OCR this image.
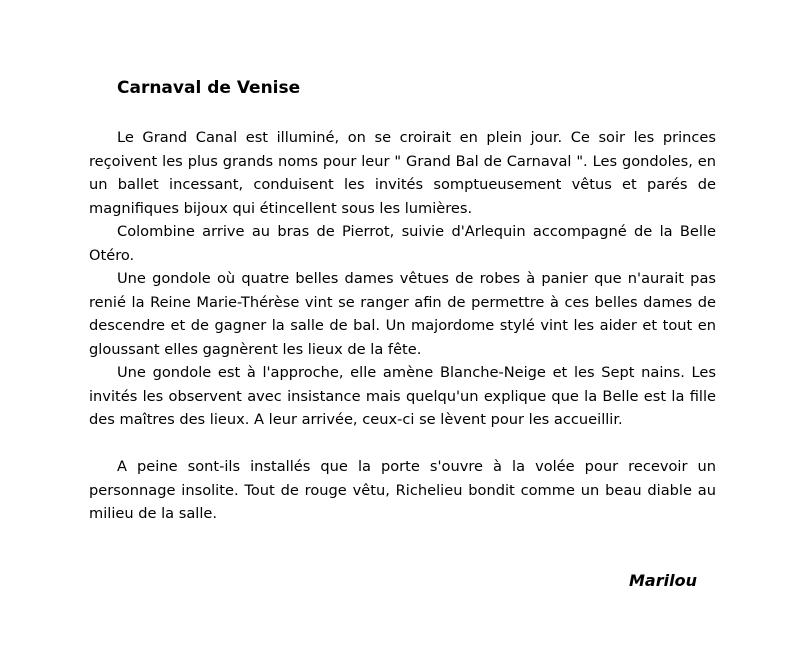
Carnaval de Venise

Le Grand Canal est illuminé, on se croirait en plein jour. Ce soir les princes reçoivent les plus grands noms pour leur " Grand Bal de Carnaval ". Les gondoles, en un ballet incessant, conduisent les invités somptueusement vêtus et parés de magnifiques bijoux qui étincellent sous les lumières.

Colombine arrive au bras de Pierrot, suivie d'Arlequin accompagné de la Belle Otéro.

Une gondole où quatre belles dames vêtues de robes à panier que n'aurait pas renié la Reine Marie-Thérèse vint se ranger afin de permettre à ces belles dames de descendre et de gagner la salle de bal. Un majordome stylé vint les aider et tout en gloussant elles gagnèrent les lieux de la fête.

Une gondole est à l'approche, elle amène Blanche-Neige et les Sept nains. Les invités les observent avec insistance mais quelqu'un explique que la Belle est la fille des maîtres des lieux. A leur arrivée, ceux-ci se lèvent pour les accueillir.

A peine sont-ils installés que la porte s'ouvre à la volée pour recevoir un personnage insolite. Tout de rouge vêtu, Richelieu bondit comme un beau diable au milieu de la salle.

Marilou
